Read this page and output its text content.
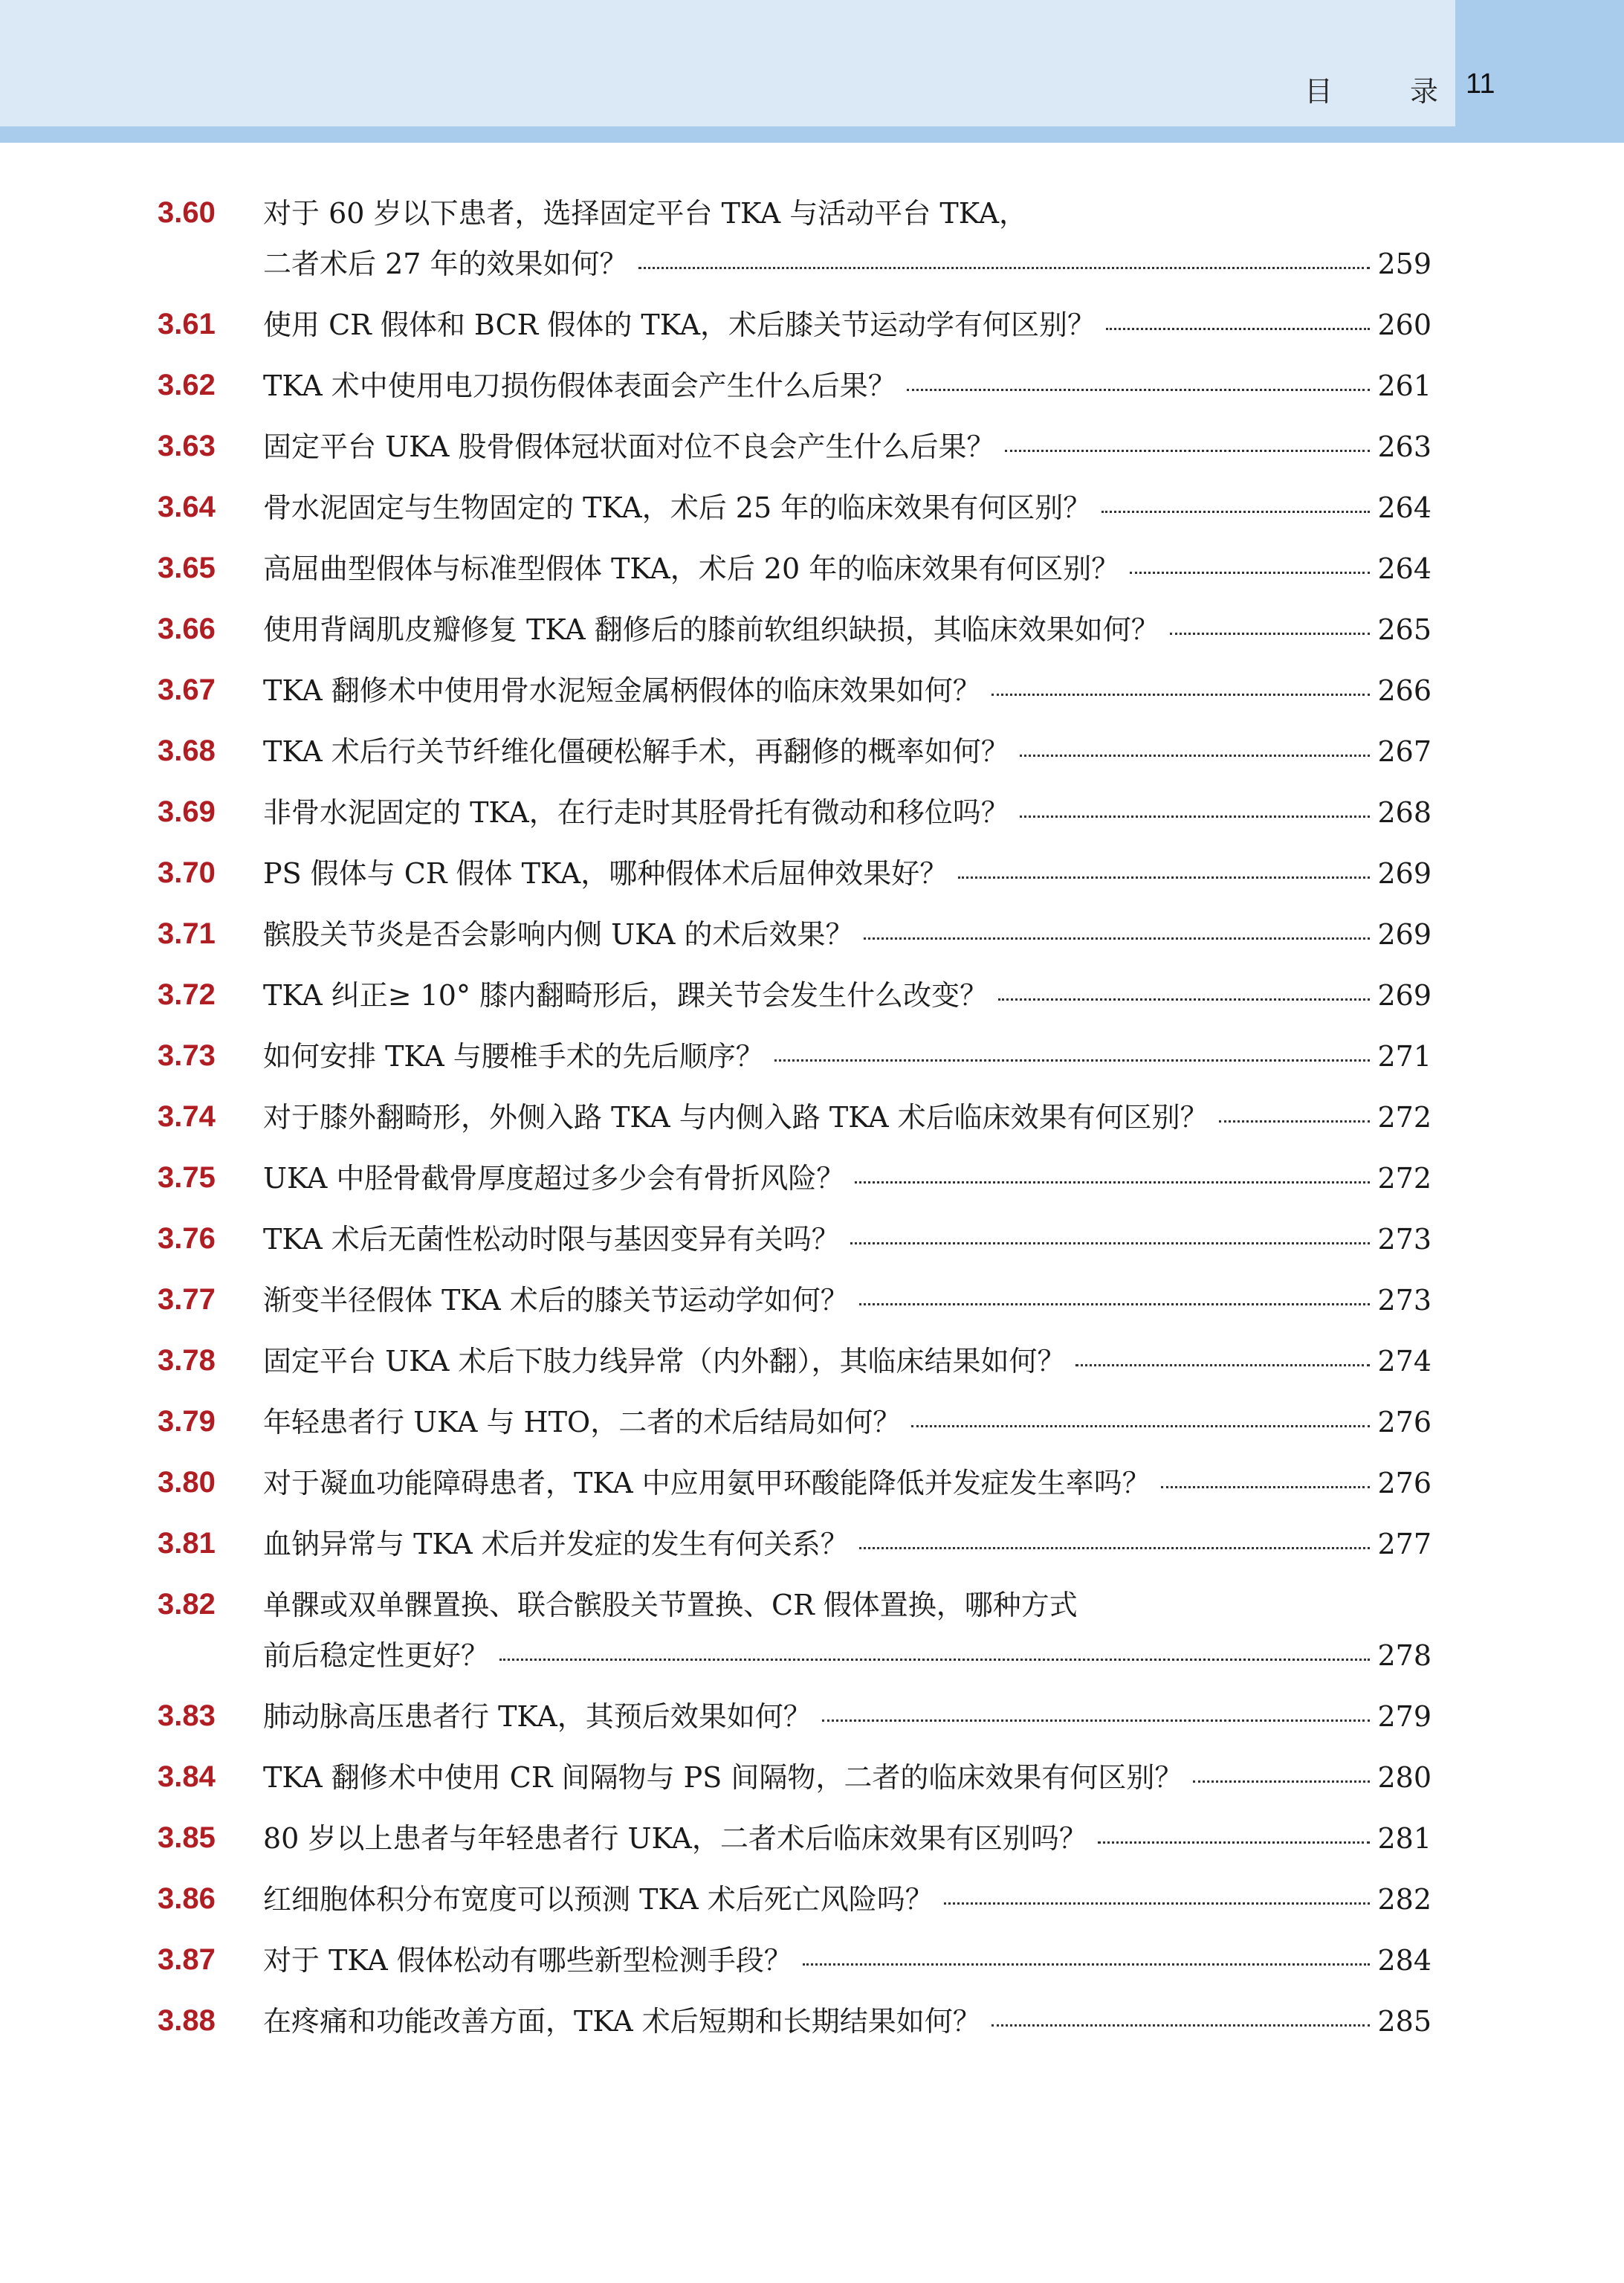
目	录 11
3.60 对于 60 岁以下患者，选择固定平台 TKA 与活动平台 TKA，
二者术后 27 年的效果如何？	259
3.61 使用 CR 假体和 BCR 假体的 TKA，术后膝关节运动学有何区别？	260
3.62 TKA 术中使用电刀损伤假体表面会产生什么后果？	261
3.63 固定平台 UKA 股骨假体冠状面对位不良会产生什么后果？	263
3.64 骨水泥固定与生物固定的 TKA，术后 25 年的临床效果有何区别？	264
3.65 高屈曲型假体与标准型假体 TKA，术后 20 年的临床效果有何区别？	264
3.66 使用背阔肌皮瓣修复 TKA 翻修后的膝前软组织缺损，其临床效果如何？	265
3.67 TKA 翻修术中使用骨水泥短金属柄假体的临床效果如何？	266
3.68 TKA 术后行关节纤维化僵硬松解手术，再翻修的概率如何？	267
3.69 非骨水泥固定的 TKA，在行走时其胫骨托有微动和移位吗？	268
3.70 PS 假体与 CR 假体 TKA，哪种假体术后屈伸效果好？	269
3.71 髌股关节炎是否会影响内侧 UKA 的术后效果？	269
3.72 TKA 纠正≥ 10° 膝内翻畸形后，踝关节会发生什么改变？	269
3.73 如何安排 TKA 与腰椎手术的先后顺序？	271
3.74 对于膝外翻畸形，外侧入路 TKA 与内侧入路 TKA 术后临床效果有何区别？	272
3.75 UKA 中胫骨截骨厚度超过多少会有骨折风险？	272
3.76 TKA 术后无菌性松动时限与基因变异有关吗？	273
3.77 渐变半径假体 TKA 术后的膝关节运动学如何？	273
3.78 固定平台 UKA 术后下肢力线异常（内外翻），其临床结果如何？	274
3.79 年轻患者行 UKA 与 HTO，二者的术后结局如何？	276
3.80 对于凝血功能障碍患者，TKA 中应用氨甲环酸能降低并发症发生率吗？	276
3.81 血钠异常与 TKA 术后并发症的发生有何关系？	277
3.82 单髁或双单髁置换、联合髌股关节置换、CR 假体置换，哪种方式
前后稳定性更好？	278
3.83 肺动脉高压患者行 TKA，其预后效果如何？	279
3.84 TKA 翻修术中使用 CR 间隔物与 PS 间隔物，二者的临床效果有何区别？	280
3.85 80 岁以上患者与年轻患者行 UKA，二者术后临床效果有区别吗？	281
3.86 红细胞体积分布宽度可以预测 TKA 术后死亡风险吗？	282
3.87 对于 TKA 假体松动有哪些新型检测手段？	284
3.88 在疼痛和功能改善方面，TKA 术后短期和长期结果如何？	285
